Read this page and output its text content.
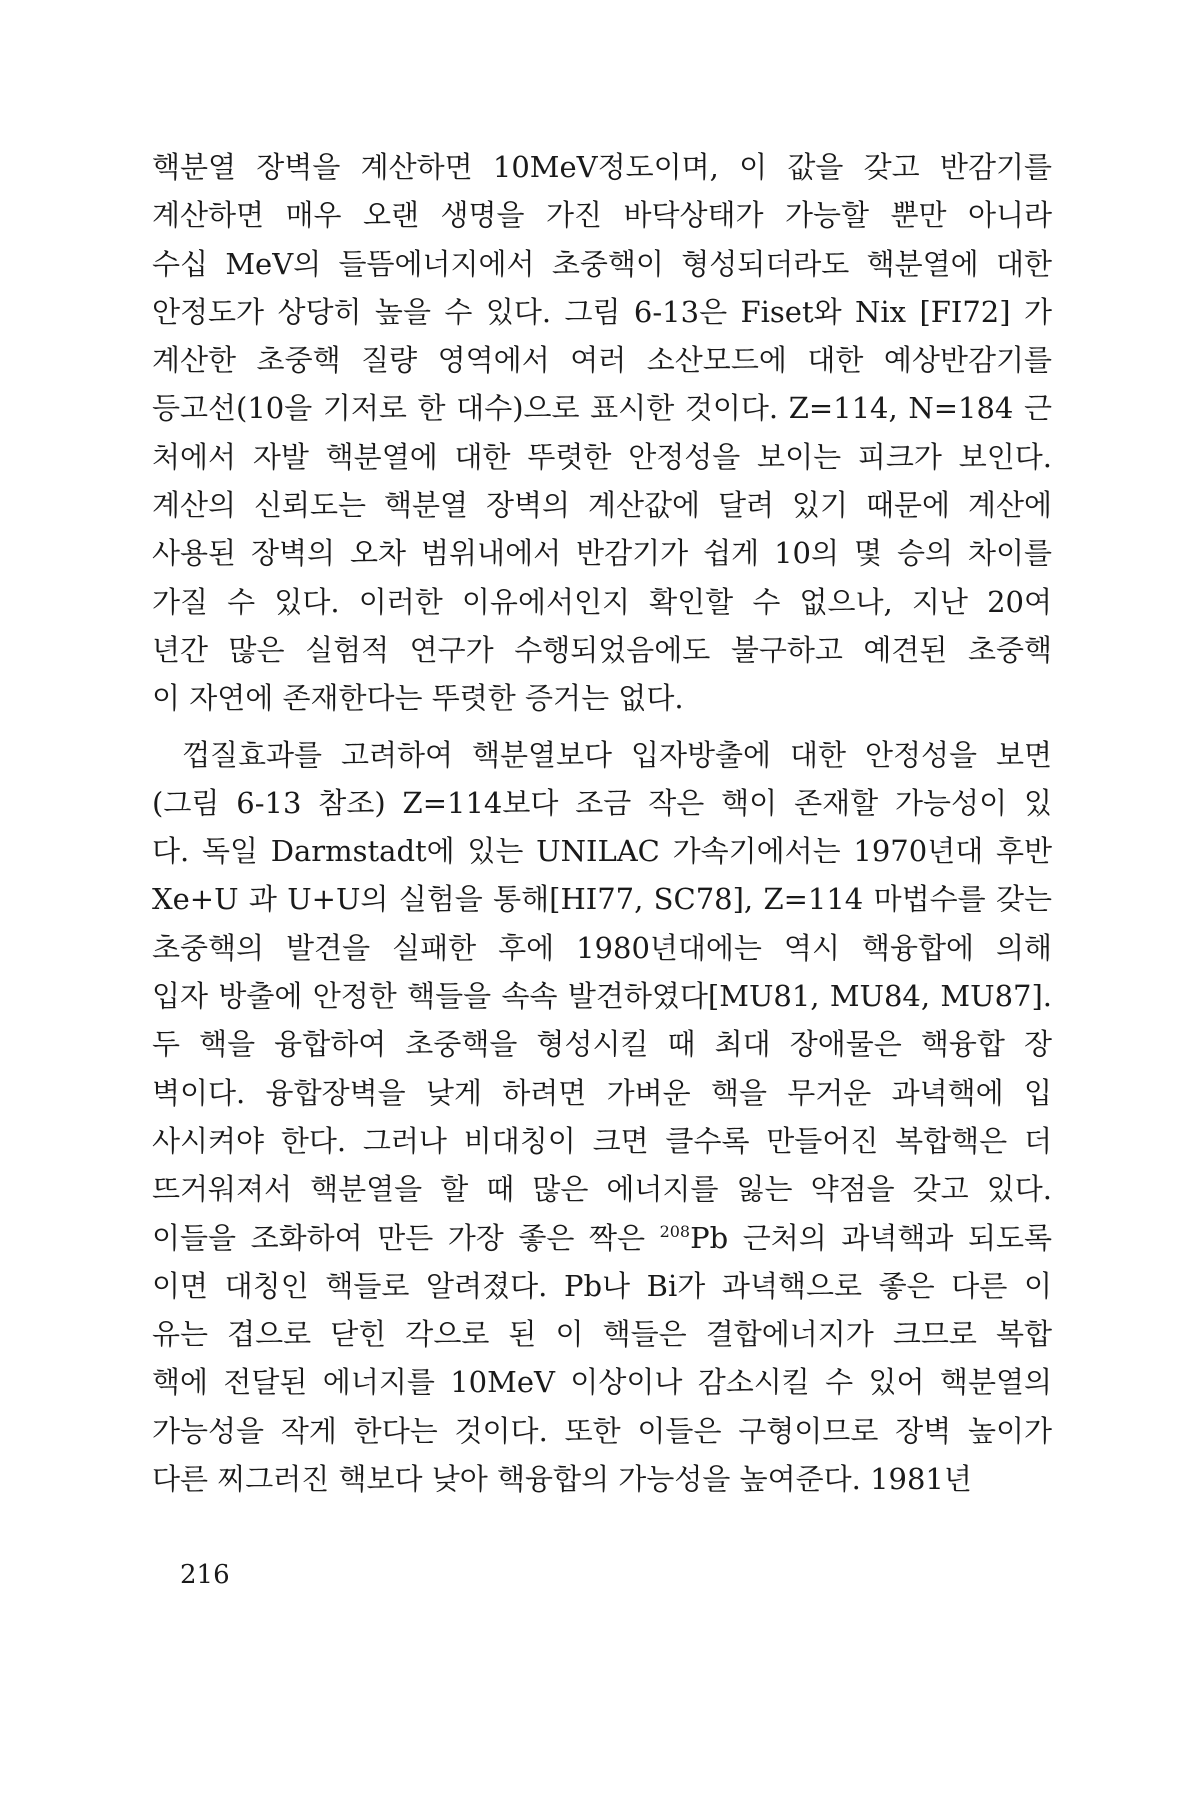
핵분열 장벽을 계산하면 10MeV정도이며, 이 값을 갖고 반감기를
계산하면 매우 오랜 생명을 가진 바닥상태가 가능할 뿐만 아니라
수십 MeV의 들뜸에너지에서 초중핵이 형성되더라도 핵분열에 대한
안정도가 상당히 높을 수 있다. 그림 6-13은 Fiset와 Nix [FI72] 가
계산한 초중핵 질량 영역에서 여러 소산모드에 대한 예상반감기를
등고선(10을 기저로 한 대수)으로 표시한 것이다. Z=114, N=184 근
처에서 자발 핵분열에 대한 뚜렷한 안정성을 보이는 피크가 보인다.
계산의 신뢰도는 핵분열 장벽의 계산값에 달려 있기 때문에 계산에
사용된 장벽의 오차 범위내에서 반감기가 쉽게 10의 몇 승의 차이를
가질 수 있다. 이러한 이유에서인지 확인할 수 없으나, 지난 20여
년간 많은 실험적 연구가 수행되었음에도 불구하고 예견된 초중핵
이 자연에 존재한다는 뚜렷한 증거는 없다.
껍질효과를 고려하여 핵분열보다 입자방출에 대한 안정성을 보면
(그림 6-13 참조) Z=114보다 조금 작은 핵이 존재할 가능성이 있
다. 독일 Darmstadt에 있는 UNILAC 가속기에서는 1970년대 후반
Xe+U 과 U+U의 실험을 통해[HI77, SC78], Z=114 마법수를 갖는
초중핵의 발견을 실패한 후에 1980년대에는 역시 핵융합에 의해
입자 방출에 안정한 핵들을 속속 발견하였다[MU81, MU84, MU87].
두 핵을 융합하여 초중핵을 형성시킬 때 최대 장애물은 핵융합 장
벽이다. 융합장벽을 낮게 하려면 가벼운 핵을 무거운 과녁핵에 입
사시켜야 한다. 그러나 비대칭이 크면 클수록 만들어진 복합핵은 더
뜨거워져서 핵분열을 할 때 많은 에너지를 잃는 약점을 갖고 있다.
이들을 조화하여 만든 가장 좋은 짝은 $^{208}$Pb 근처의 과녁핵과 되도록
이면 대칭인 핵들로 알려졌다. Pb나 Bi가 과녁핵으로 좋은 다른 이
유는 겹으로 닫힌 각으로 된 이 핵들은 결합에너지가 크므로 복합
핵에 전달된 에너지를 10MeV 이상이나 감소시킬 수 있어 핵분열의
가능성을 작게 한다는 것이다. 또한 이들은 구형이므로 장벽 높이가
다른 찌그러진 핵보다 낮아 핵융합의 가능성을 높여준다. 1981년
216
